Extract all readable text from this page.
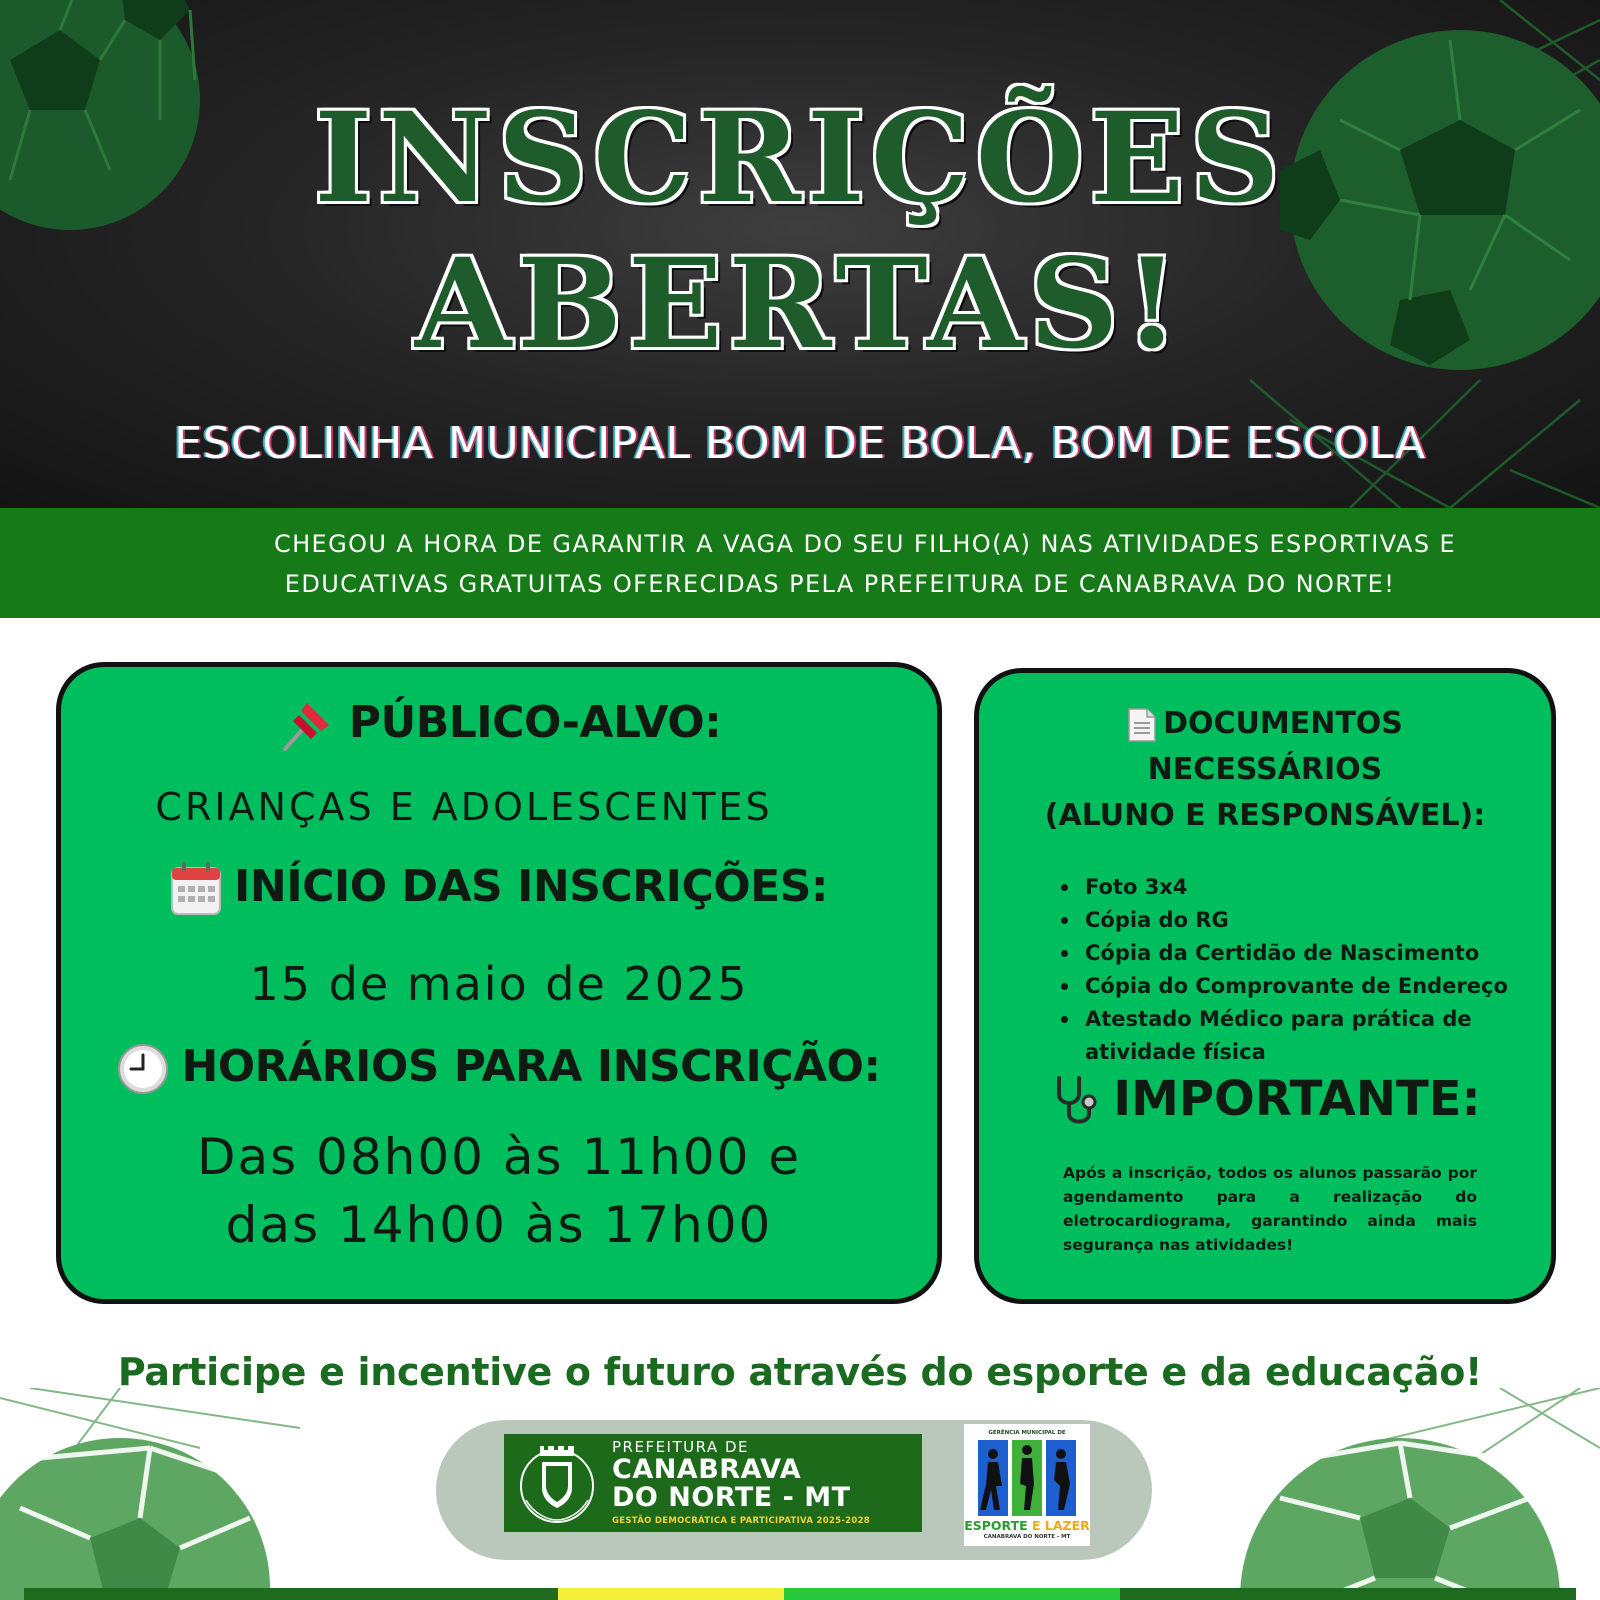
INSCRIÇÕES
ABERTAS!
ESCOLINHA MUNICIPAL BOM DE BOLA, BOM DE ESCOLA
CHEGOU A HORA DE GARANTIR A VAGA DO SEU FILHO(A) NAS ATIVIDADES ESPORTIVAS E
EDUCATIVAS GRATUITAS OFERECIDAS PELA PREFEITURA DE CANABRAVA DO NORTE!
PÚBLICO-ALVO:
CRIANÇAS E ADOLESCENTES
INÍCIO DAS INSCRIÇÕES:
15 de maio de 2025
HORÁRIOS PARA INSCRIÇÃO:
Das 08h00 às 11h00 e
das 14h00 às 17h00
DOCUMENTOS
NECESSÁRIOS
(ALUNO E RESPONSÁVEL):
Foto 3x4
Cópia do RG
Cópia da Certidão de Nascimento
Cópia do Comprovante de Endereço
Atestado Médico para prática de
atividade física
IMPORTANTE:
Após a inscrição, todos os alunos passarão por agendamento para a realização do eletrocardiograma, garantindo ainda mais segurança nas atividades!
Participe e incentive o futuro através do esporte e da educação!
PREFEITURA DE
CANABRAVA
DO NORTE - MT
GESTÃO DEMOCRÁTICA E PARTICIPATIVA 2025-2028
GERÊNCIA MUNICIPAL DE
ESPORTE E LAZER
CANABRAVA DO NORTE - MT
